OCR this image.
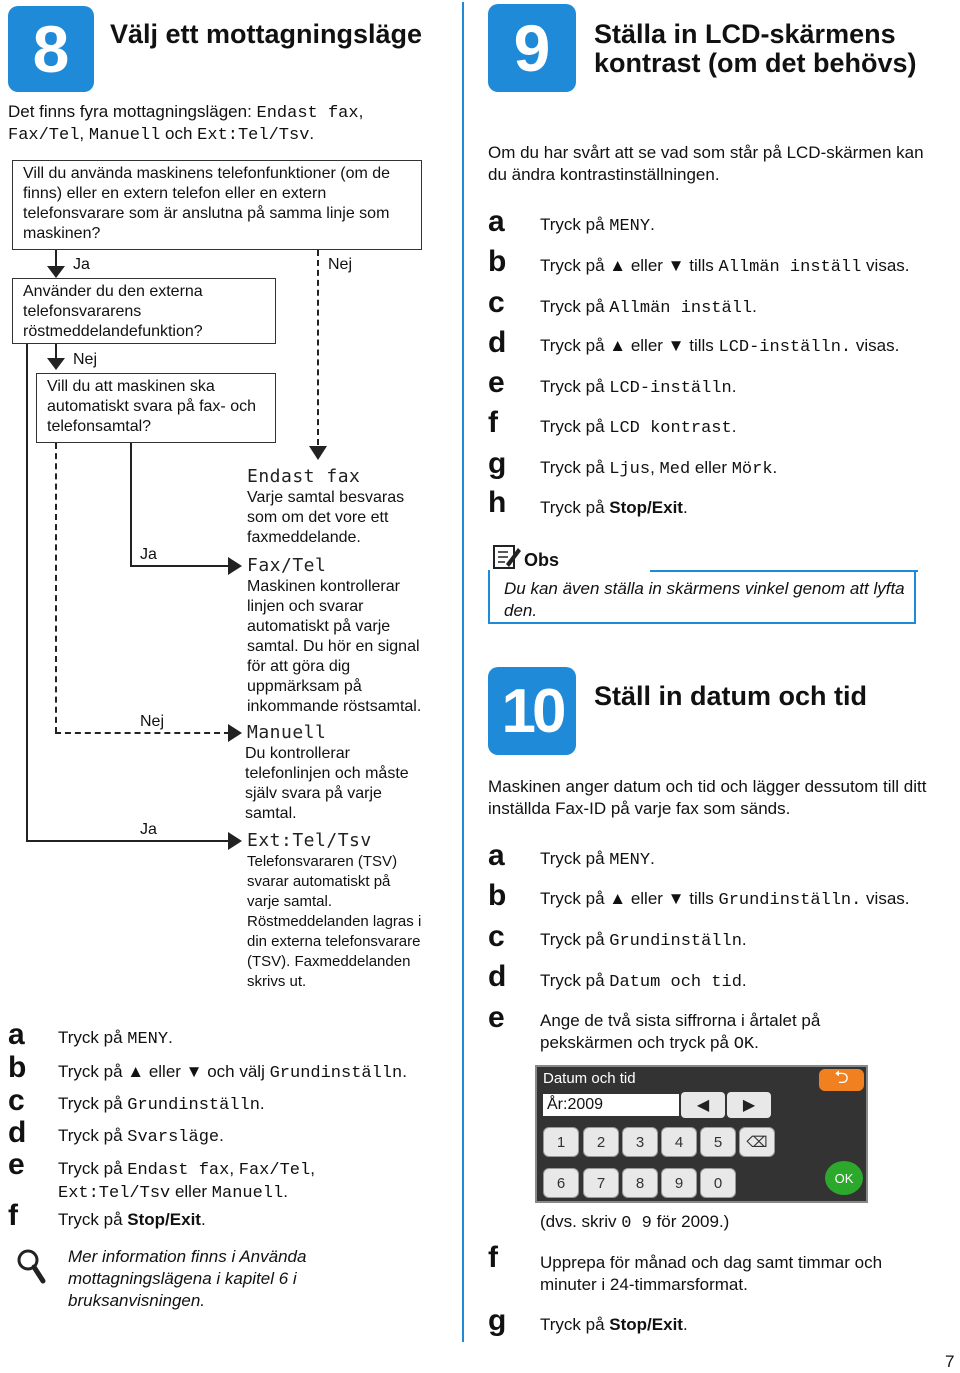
8 Välj ett mottagningsläge
Det finns fyra mottagningslägen: Endast fax,
Fax/Tel, Manuell och Ext:Tel/Tsv.
Vill du använda maskinens telefonfunktioner (om de finns) eller en extern telefon eller en extern telefonsvarare som är anslutna på samma linje som maskinen?
Ja	Nej
Använder du den externa telefonsvararens röstmeddelandefunktion?
Nej
Vill du att maskinen ska automatiskt svara på fax- och telefonsamtal?
Ja
Nej
Ja
Endast fax
Varje samtal besvaras som om det vore ett faxmeddelande.
Fax/Tel
Maskinen kontrollerar linjen och svarar automatiskt på varje samtal. Du hör en signal för att göra dig uppmärksam på inkommande röstsamtal.
Manuell
Du kontrollerar telefonlinjen och måste själv svara på varje samtal.
Ext:Tel/Tsv
Telefonsvararen (TSV) svarar automatiskt på varje samtal. Röstmeddelanden lagras i din externa telefonsvarare (TSV). Faxmeddelanden skrivs ut.
a Tryck på MENY.
b Tryck på ▲ eller ▼ och välj Grundinställn.
c Tryck på Grundinställn.
d Tryck på Svarsläge.
e Tryck på Endast fax, Fax/Tel,
Ext:Tel/Tsv eller Manuell.
f Tryck på Stop/Exit.
Mer information finns i Använda mottagningslägena i kapitel 6 i bruksanvisningen.
9 Ställa in LCD-skärmens kontrast (om det behövs)
Om du har svårt att se vad som står på LCD-skärmen kan du ändra kontrastinställningen.
a Tryck på MENY.
b Tryck på ▲ eller ▼ tills Allmän inställ visas.
c Tryck på Allmän inställ.
d Tryck på ▲ eller ▼ tills LCD-inställn. visas.
e Tryck på LCD-inställn.
f Tryck på LCD kontrast.
g Tryck på Ljus, Med eller Mörk.
h Tryck på Stop/Exit.
Obs
Du kan även ställa in skärmens vinkel genom att lyfta den.
10 Ställ in datum och tid
Maskinen anger datum och tid och lägger dessutom till ditt inställda Fax-ID på varje fax som sänds.
a Tryck på MENY.
b Tryck på ▲ eller ▼ tills Grundinställn. visas.
c Tryck på Grundinställn.
d Tryck på Datum och tid.
e Ange de två sista siffrorna i årtalet på pekskärmen och tryck på OK.
Datum och tid	⮌
År:2009	◀ ▶
1	2	3	4	5	⌫
6	7	8	9	0	OK
(dvs. skriv 0 9 för 2009.)
f Upprepa för månad och dag samt timmar och minuter i 24-timmarsformat.
g Tryck på Stop/Exit.
7
